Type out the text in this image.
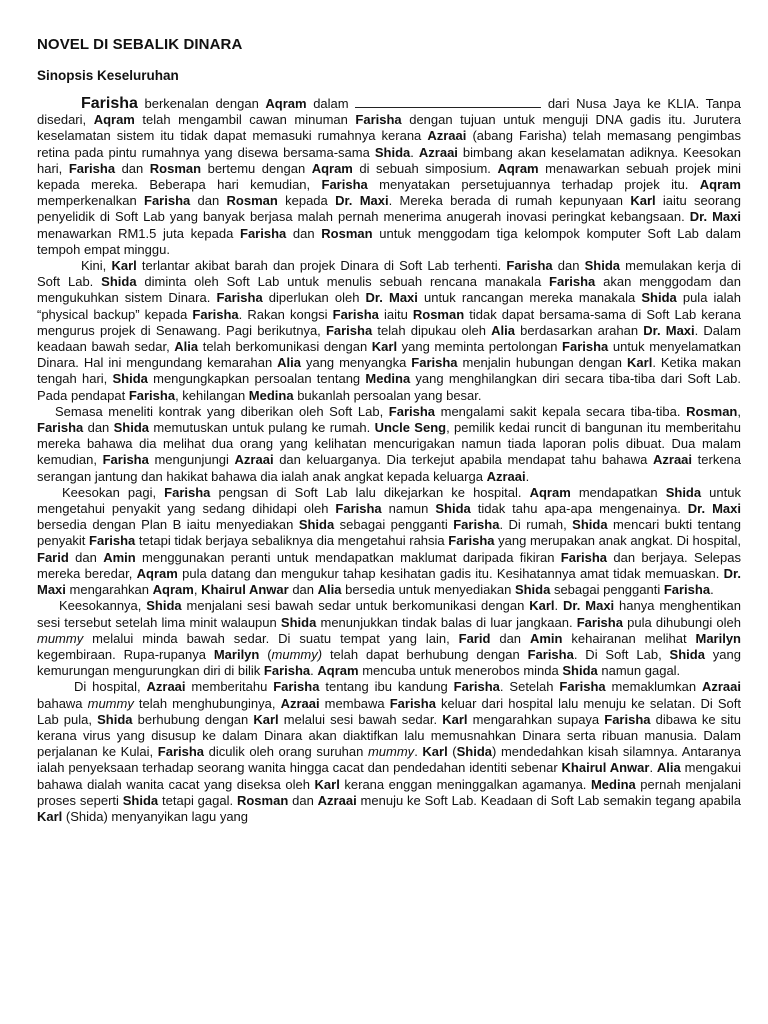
NOVEL DI SEBALIK DINARA
Sinopsis Keseluruhan

Farisha berkenalan dengan Aqram dalam	dari Nusa Jaya ke KLIA. Tanpa disedari, Aqram telah mengambil cawan minuman Farisha dengan tujuan untuk menguji DNA gadis itu. Jurutera keselamatan sistem itu tidak dapat memasuki rumahnya kerana Azraai (abang Farisha) telah memasang pengimbas retina pada pintu rumahnya yang disewa bersama-sama Shida. Azraai bimbang akan keselamatan adiknya. Keesokan hari, Farisha dan Rosman bertemu dengan Aqram di sebuah simposium. Aqram menawarkan sebuah projek mini kepada mereka. Beberapa hari kemudian, Farisha menyatakan persetujuannya terhadap projek itu. Aqram memperkenalkan Farisha dan Rosman kepada Dr. Maxi. Mereka berada di rumah kepunyaan Karl iaitu seorang penyelidik di Soft Lab yang banyak berjasa malah pernah menerima anugerah inovasi peringkat kebangsaan. Dr. Maxi menawarkan RM1.5 juta kepada Farisha dan Rosman untuk menggodam tiga kelompok komputer Soft Lab dalam tempoh empat minggu.

Kini, Karl terlantar akibat barah dan projek Dinara di Soft Lab terhenti. Farisha dan Shida memulakan kerja di Soft Lab. Shida diminta oleh Soft Lab untuk menulis sebuah rencana manakala Farisha akan menggodam dan mengukuhkan sistem Dinara. Farisha diperlukan oleh Dr. Maxi untuk rancangan mereka manakala Shida pula ialah “physical backup” kepada Farisha. Rakan kongsi Farisha iaitu Rosman tidak dapat bersama-sama di Soft Lab kerana mengurus projek di Senawang. Pagi berikutnya, Farisha telah dipukau oleh Alia berdasarkan arahan Dr. Maxi. Dalam keadaan bawah sedar, Alia telah berkomunikasi dengan Karl yang meminta pertolongan Farisha untuk menyelamatkan Dinara. Hal ini mengundang kemarahan Alia yang menyangka Farisha menjalin hubungan dengan Karl. Ketika makan tengah hari, Shida mengungkapkan persoalan tentang Medina yang menghilangkan diri secara tiba-tiba dari Soft Lab. Pada pendapat Farisha, kehilangan Medina bukanlah persoalan yang besar.

Semasa meneliti kontrak yang diberikan oleh Soft Lab, Farisha mengalami sakit kepala secara tiba-tiba. Rosman, Farisha dan Shida memutuskan untuk pulang ke rumah. Uncle Seng, pemilik kedai runcit di bangunan itu memberitahu mereka bahawa dia melihat dua orang yang kelihatan mencurigakan namun tiada laporan polis dibuat. Dua malam kemudian, Farisha mengunjungi Azraai dan keluarganya. Dia terkejut apabila mendapat tahu bahawa Azraai terkena serangan jantung dan hakikat bahawa dia ialah anak angkat kepada keluarga Azraai.

Keesokan pagi, Farisha pengsan di Soft Lab lalu dikejarkan ke hospital. Aqram mendapatkan Shida untuk mengetahui penyakit yang sedang dihidapi oleh Farisha namun Shida tidak tahu apa-apa mengenainya. Dr. Maxi bersedia dengan Plan B iaitu menyediakan Shida sebagai pengganti Farisha. Di rumah, Shida mencari bukti tentang penyakit Farisha tetapi tidak berjaya sebaliknya dia mengetahui rahsia Farisha yang merupakan anak angkat. Di hospital, Farid dan Amin menggunakan peranti untuk mendapatkan maklumat daripada fikiran Farisha dan berjaya. Selepas mereka beredar, Aqram pula datang dan mengukur tahap kesihatan gadis itu. Kesihatannya amat tidak memuaskan. Dr. Maxi mengarahkan Aqram, Khairul Anwar dan Alia bersedia untuk menyediakan Shida sebagai pengganti Farisha.

Keesokannya, Shida menjalani sesi bawah sedar untuk berkomunikasi dengan Karl. Dr. Maxi hanya menghentikan sesi tersebut setelah lima minit walaupun Shida menunjukkan tindak balas di luar jangkaan. Farisha pula dihubungi oleh mummy melalui minda bawah sedar. Di suatu tempat yang lain, Farid dan Amin kehairanan melihat Marilyn kegembiraan. Rupa-rupanya Marilyn (mummy) telah dapat berhubung dengan Farisha. Di Soft Lab, Shida yang kemurungan mengurungkan diri di bilik Farisha. Aqram mencuba untuk menerobos minda Shida namun gagal.

Di hospital, Azraai memberitahu Farisha tentang ibu kandung Farisha. Setelah Farisha memaklumkan Azraai bahawa mummy telah menghubunginya, Azraai membawa Farisha keluar dari hospital lalu menuju ke selatan. Di Soft Lab pula, Shida berhubung dengan Karl melalui sesi bawah sedar. Karl mengarahkan supaya Farisha dibawa ke situ kerana virus yang disusup ke dalam Dinara akan diaktifkan lalu memusnahkan Dinara serta ribuan manusia. Dalam perjalanan ke Kulai, Farisha diculik oleh orang suruhan mummy. Karl (Shida) mendedahkan kisah silamnya. Antaranya ialah penyeksaan terhadap seorang wanita hingga cacat dan pendedahan identiti sebenar Khairul Anwar. Alia mengakui bahawa dialah wanita cacat yang diseksa oleh Karl kerana enggan meninggalkan agamanya. Medina pernah menjalani proses seperti Shida tetapi gagal. Rosman dan Azraai menuju ke Soft Lab. Keadaan di Soft Lab semakin tegang apabila Karl (Shida) menyanyikan lagu yang
